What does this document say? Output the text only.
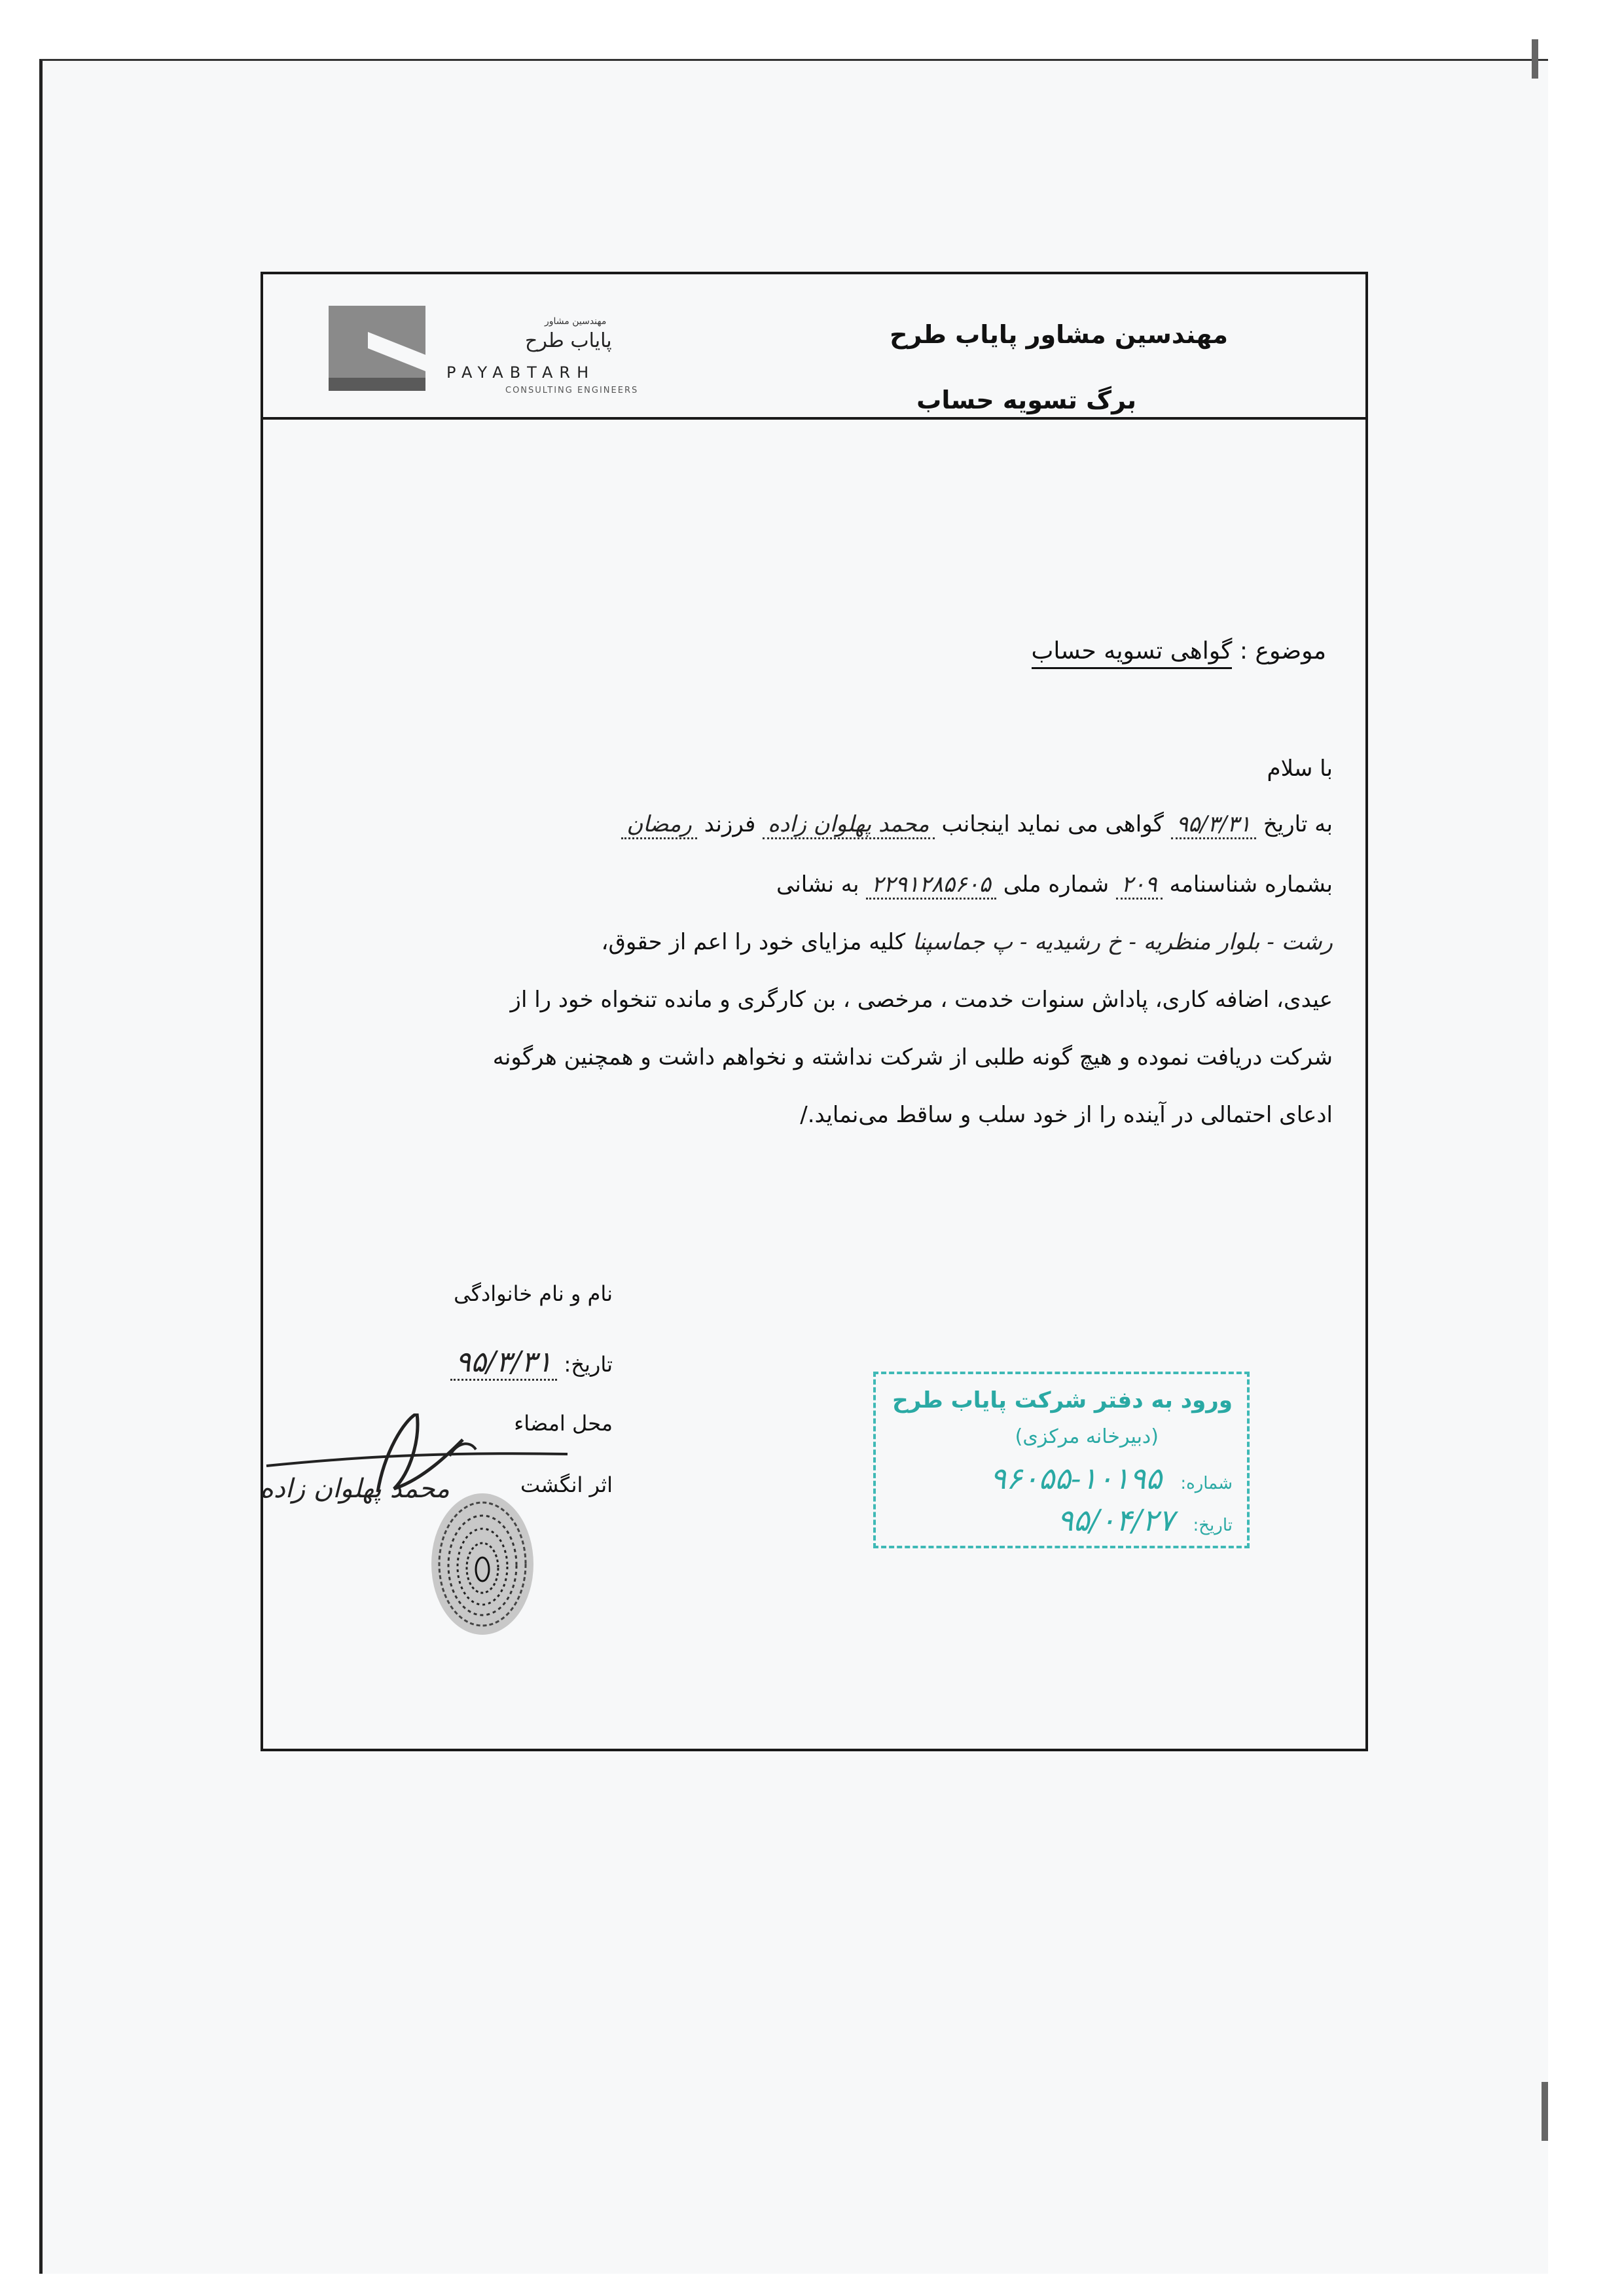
مهندسین مشاور پایاب طرح
برگ تسویه حساب
مهندسین مشاور
پایاب طرح
PAYABTARH
CONSULTING ENGINEERS
موضوع : گواهی تسویه حساب
با سلام
به تاریخ ۹۵/۳/۳۱ گواهی می نماید اینجانب محمد پهلوان زاده فرزند رمضان
بشماره شناسنامه ۲۰۹ شماره ملی ۲۲۹۱۲۸۵۶۰۵ به نشانی
رشت - بلوار منظریه - خ رشیدیه - پ جماسپنا کلیه مزایای خود را اعم از حقوق،
عیدی، اضافه کاری، پاداش سنوات خدمت ، مرخصی ، بن کارگری و مانده تنخواه خود را از
شرکت دریافت نموده و هیچ گونه طلبی از شرکت نداشته و نخواهم داشت و همچنین هرگونه
ادعای احتمالی در آینده را از خود سلب و ساقط می‌نماید./
نام و نام خانوادگی
تاریخ: ۹۵/۳/۳۱
محل امضاء
اثر انگشت
محمد پهلوان زاده
ورود به دفتر شرکت پایاب طرح
(دبیرخانه مرکزی)
شماره: ۱۰۱۹۵-۹۶۰۵۵
تاریخ: ۹۵/۰۴/۲۷
